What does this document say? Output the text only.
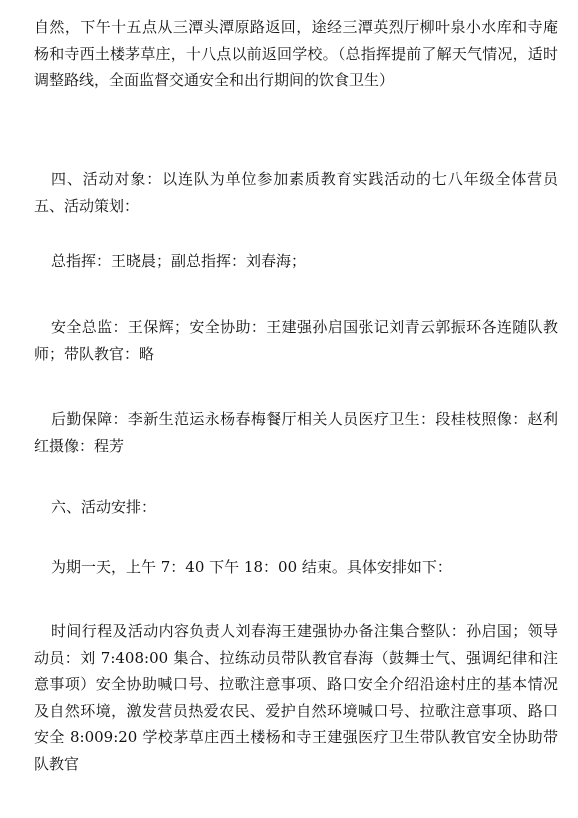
自然，下午十五点从三潭头潭原路返回，途经三潭英烈厅柳叶泉小水库和寺庵杨和寺西土楼茅草庄，十八点以前返回学校。（总指挥提前了解天气情况，适时调整路线，全面监督交通安全和出行期间的饮食卫生）

四、活动对象：以连队为单位参加素质教育实践活动的七八年级全体营员五、活动策划：

总指挥：王晓晨；副总指挥：刘春海；

安全总监：王保辉；安全协助：王建强孙启国张记刘青云郭振环各连随队教师；带队教官：略

后勤保障：李新生范运永杨春梅餐厅相关人员医疗卫生：段桂枝照像：赵利红摄像：程芳

六、活动安排：

为期一天，上午 7：40 下午 18：00 结束。具体安排如下：

时间行程及活动内容负责人刘春海王建强协办备注集合整队：孙启国；领导动员：刘 7:408:00 集合、拉练动员带队教官春海（鼓舞士气、强调纪律和注意事项）安全协助喊口号、拉歌注意事项、路口安全介绍沿途村庄的基本情况及自然环境，激发营员热爱农民、爱护自然环境喊口号、拉歌注意事项、路口安全 8:009:20 学校茅草庄西土楼杨和寺王建强医疗卫生带队教官安全协助带队教官
